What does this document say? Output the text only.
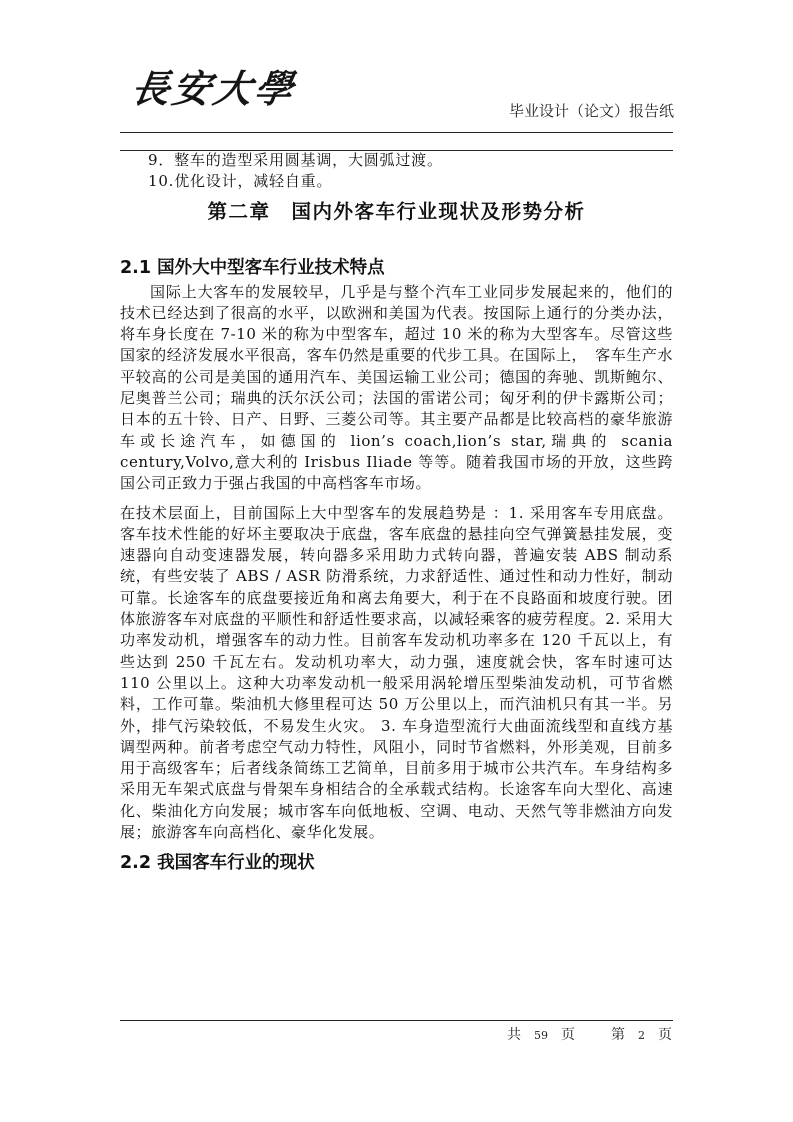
長安大學	毕业设计（论文）报告纸
9．整车的造型采用圆基调，大圆弧过渡。
10.优化设计，减轻自重。
第二章　国内外客车行业现状及形势分析
2.1 国外大中型客车行业技术特点
国际上大客车的发展较早，几乎是与整个汽车工业同步发展起来的，他们的技术已经达到了很高的水平，以欧洲和美国为代表。按国际上通行的分类办法，将车身长度在 7-10 米的称为中型客车，超过 10 米的称为大型客车。尽管这些国家的经济发展水平很高，客车仍然是重要的代步工具。在国际上，　客车生产水平较高的公司是美国的通用汽车、美国运输工业公司；德国的奔驰、凯斯鲍尔、尼奥普兰公司；瑞典的沃尔沃公司；法国的雷诺公司；匈牙利的伊卡露斯公司；日本的五十铃、日产、日野、三菱公司等。其主要产品都是比较高档的豪华旅游车或长途汽车，如德国的 lion’s coach,lion’s star,瑞典的 scania century,Volvo,意大利的 Irisbus Iliade 等等。随着我国市场的开放，这些跨国公司正致力于强占我国的中高档客车市场。
在技术层面上，目前国际上大中型客车的发展趋势是 ：1. 采用客车专用底盘。客车技术性能的好坏主要取决于底盘，客车底盘的悬挂向空气弹簧悬挂发展，变速器向自动变速器发展，转向器多采用助力式转向器，普遍安装 ABS 制动系统，有些安装了 ABS / ASR 防滑系统，力求舒适性、通过性和动力性好，制动可靠。长途客车的底盘要接近角和离去角要大，利于在不良路面和坡度行驶。团体旅游客车对底盘的平顺性和舒适性要求高，以减轻乘客的疲劳程度。2. 采用大功率发动机，增强客车的动力性。目前客车发动机功率多在 120 千瓦以上，有些达到 250 千瓦左右。发动机功率大，动力强，速度就会快，客车时速可达 110 公里以上。这种大功率发动机一般采用涡轮增压型柴油发动机，可节省燃料，工作可靠。柴油机大修里程可达 50 万公里以上，而汽油机只有其一半。另外，排气污染较低，不易发生火灾。 3. 车身造型流行大曲面流线型和直线方基调型两种。前者考虑空气动力特性，风阻小，同时节省燃料，外形美观，目前多用于高级客车；后者线条简练工艺简单，目前多用于城市公共汽车。车身结构多采用无车架式底盘与骨架车身相结合的全承载式结构。长途客车向大型化、高速化、柴油化方向发展；城市客车向低地板、空调、电动、天然气等非燃油方向发展；旅游客车向高档化、豪华化发展。
2.2 我国客车行业的现状
共 59 页	第 2 页
